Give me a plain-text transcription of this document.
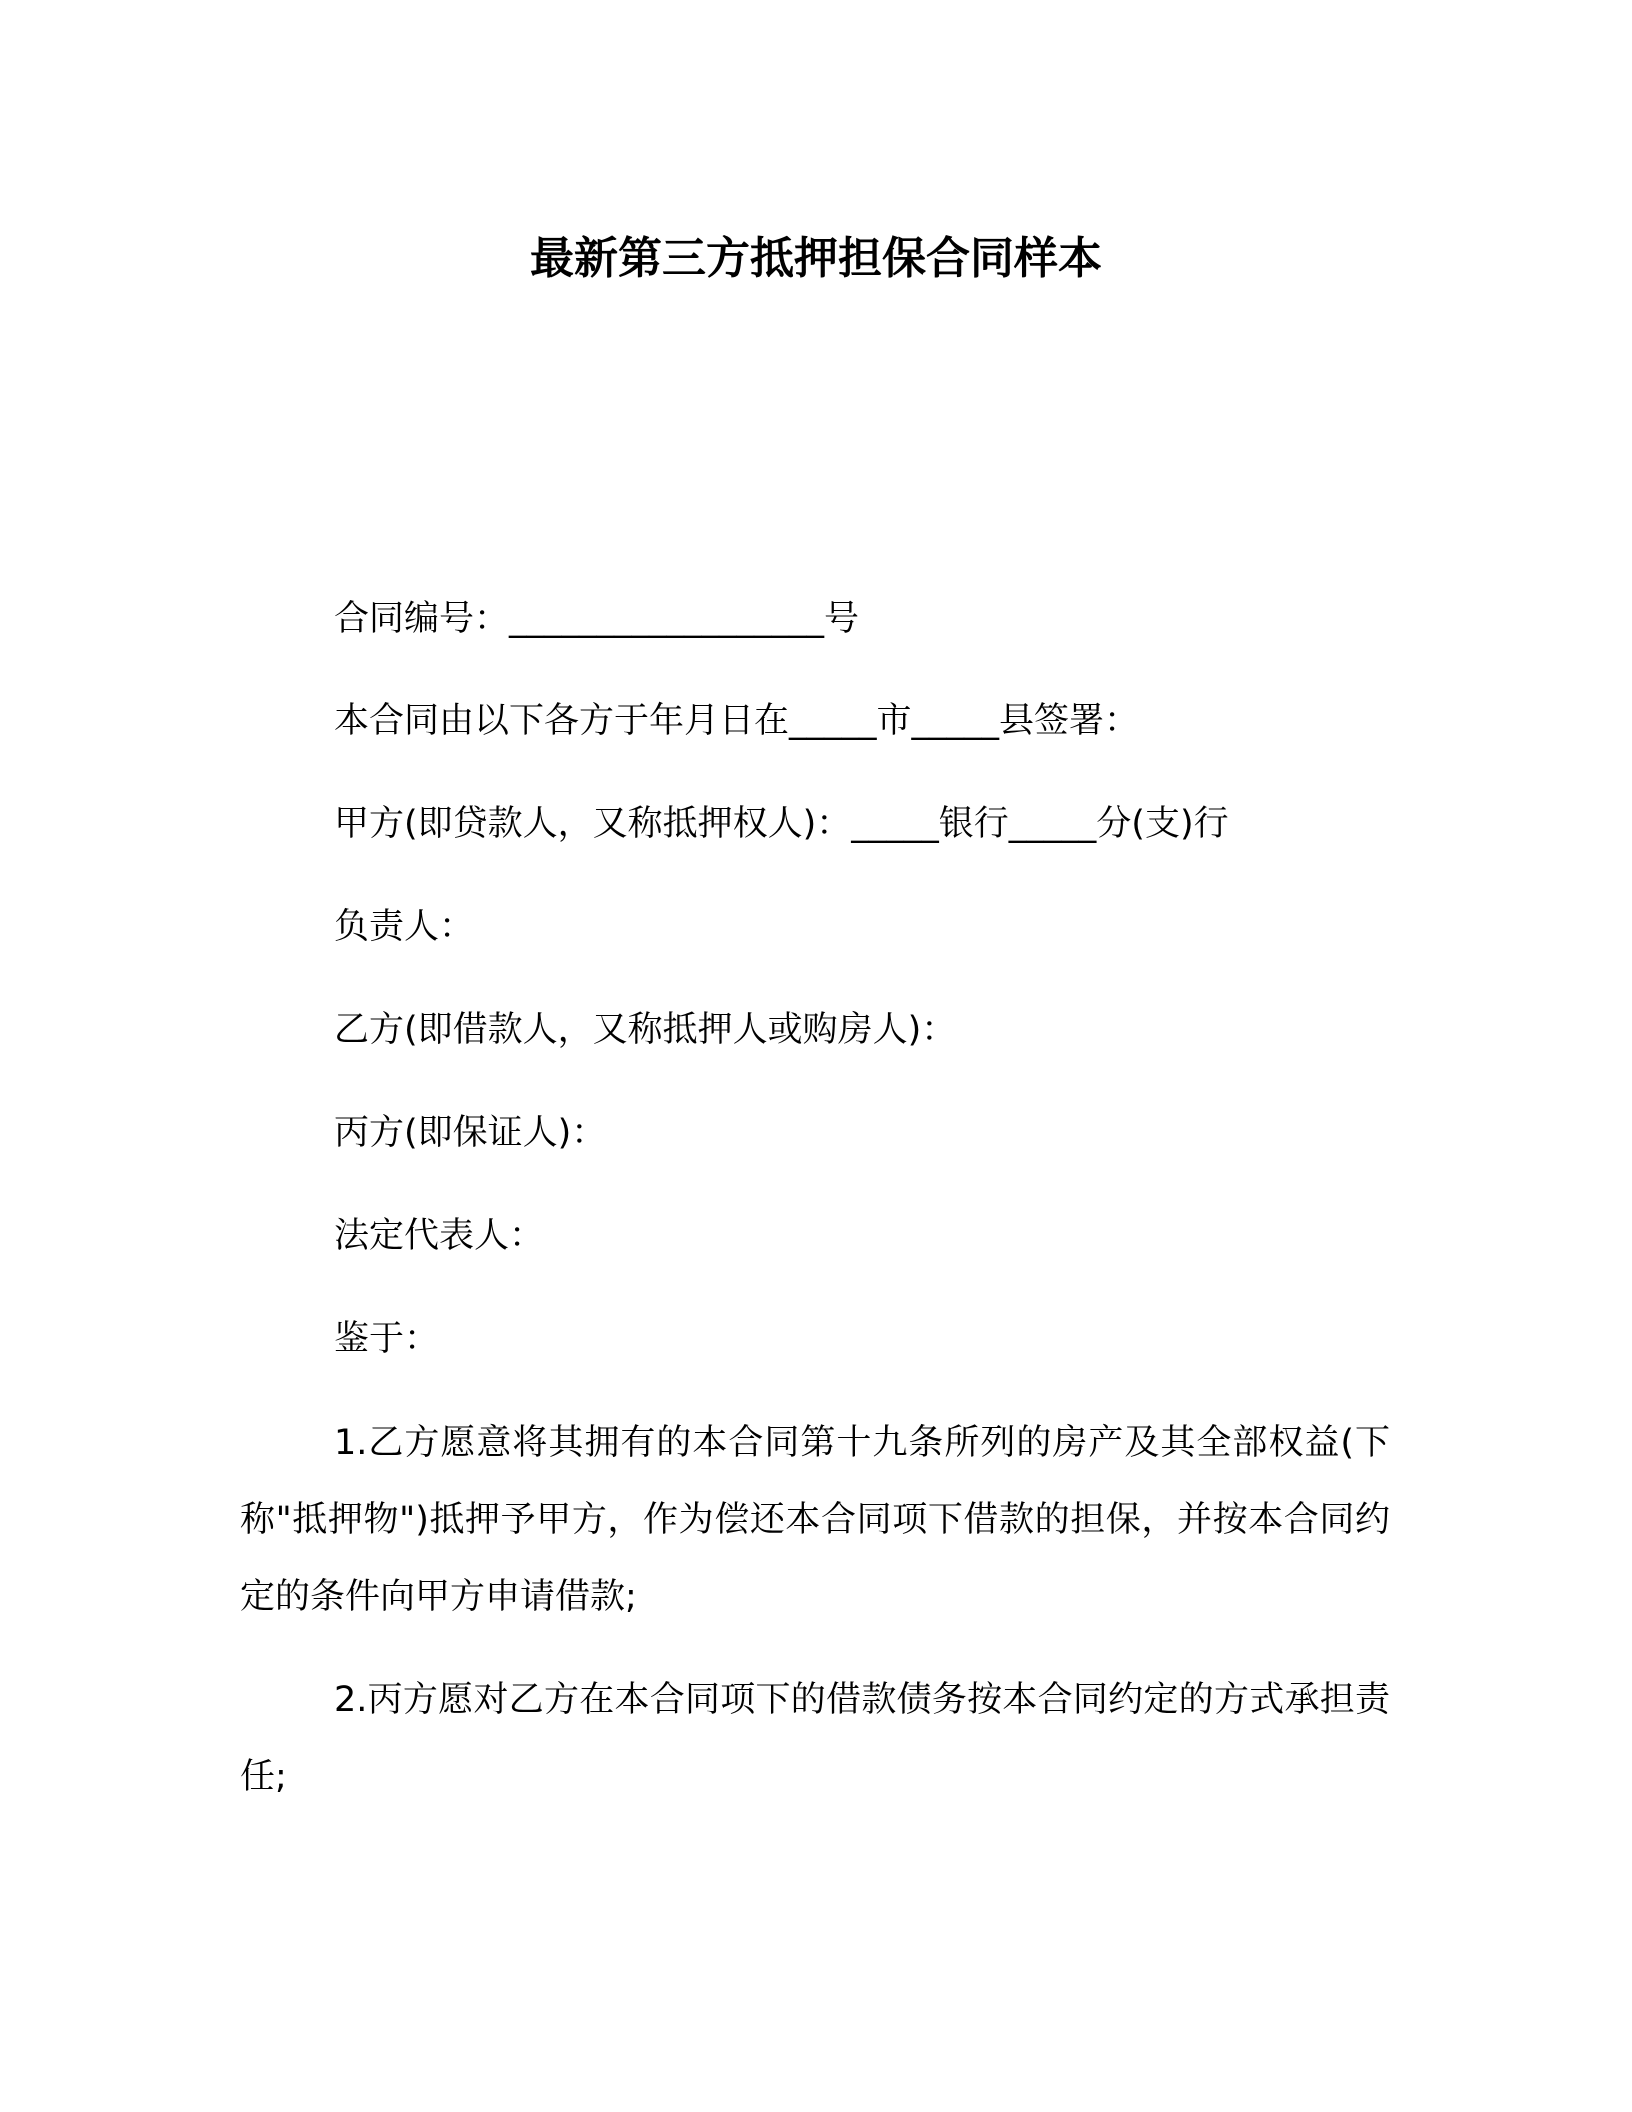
最新第三方抵押担保合同样本
合同编号：__________________号
本合同由以下各方于年月日在_____市_____县签署：
甲方(即贷款人，又称抵押权人)：_____银行_____分(支)行
负责人：
乙方(即借款人，又称抵押人或购房人)：
丙方(即保证人)：
法定代表人：
鉴于：
1.乙方愿意将其拥有的本合同第十九条所列的房产及其全部权益(下称"抵押物")抵押予甲方，作为偿还本合同项下借款的担保，并按本合同约定的条件向甲方申请借款;
2.丙方愿对乙方在本合同项下的借款债务按本合同约定的方式承担责任;
